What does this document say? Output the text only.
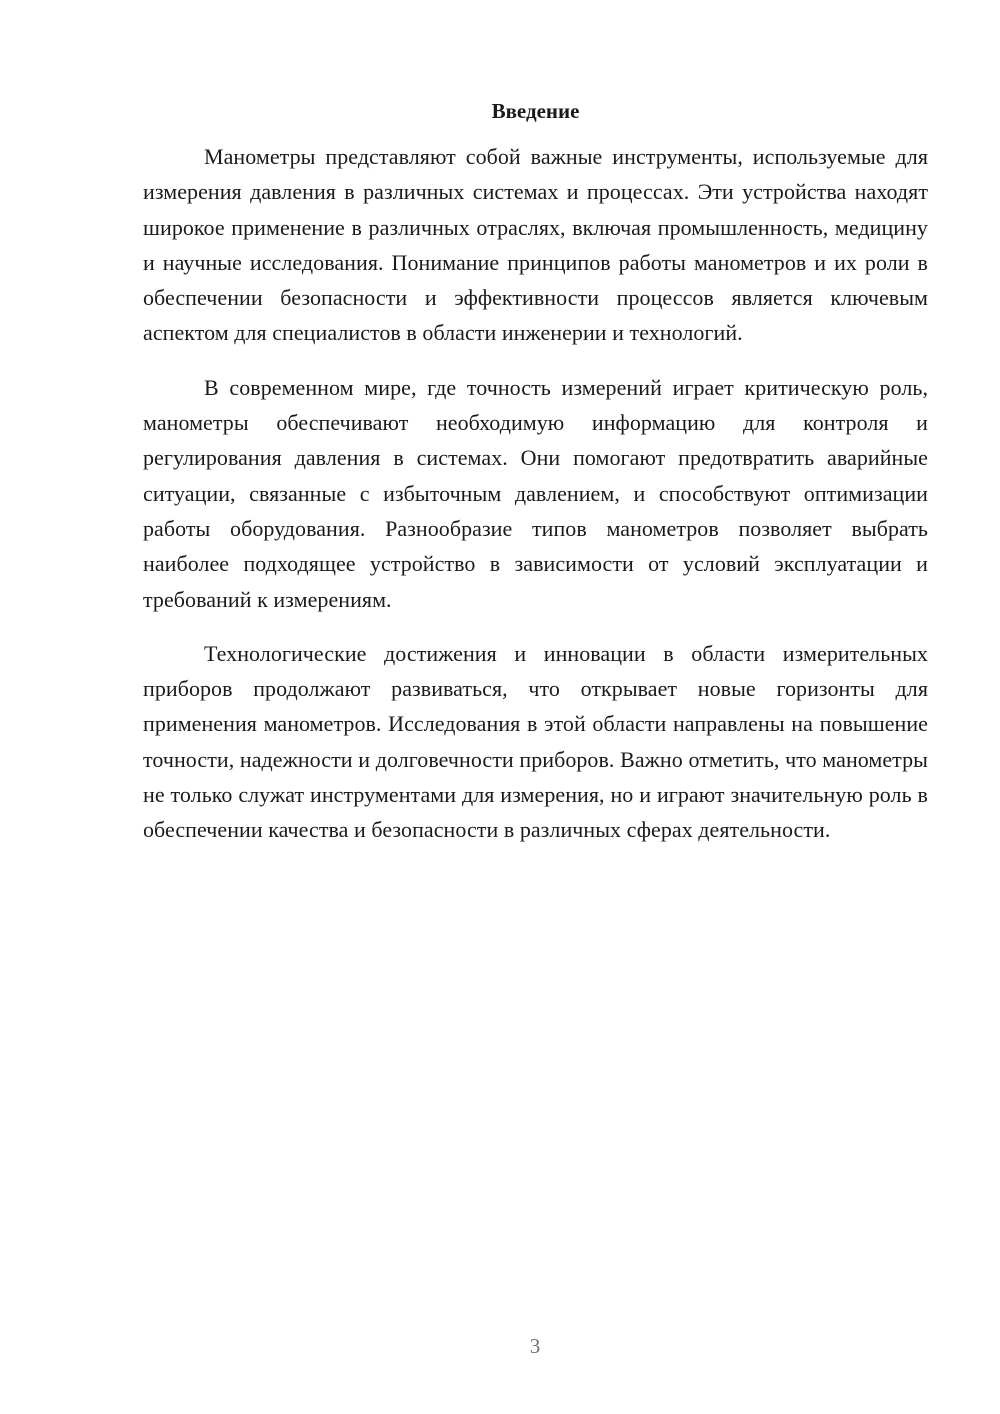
Введение

Манометры представляют собой важные инструменты, используемые для измерения давления в различных системах и процессах. Эти устройства находят широкое применение в различных отраслях, включая промышленность, медицину и научные исследования. Понимание принципов работы манометров и их роли в обеспечении безопасности и эффективности процессов является ключевым аспектом для специалистов в области инженерии и технологий.

В современном мире, где точность измерений играет критическую роль, манометры обеспечивают необходимую информацию для контроля и регулирования давления в системах. Они помогают предотвратить аварийные ситуации, связанные с избыточным давлением, и способствуют оптимизации работы оборудования. Разнообразие типов манометров позволяет выбрать наиболее подходящее устройство в зависимости от условий эксплуатации и требований к измерениям.

Технологические достижения и инновации в области измерительных приборов продолжают развиваться, что открывает новые горизонты для применения манометров. Исследования в этой области направлены на повышение точности, надежности и долговечности приборов. Важно отметить, что манометры не только служат инструментами для измерения, но и играют значительную роль в обеспечении качества и безопасности в различных сферах деятельности.

3
